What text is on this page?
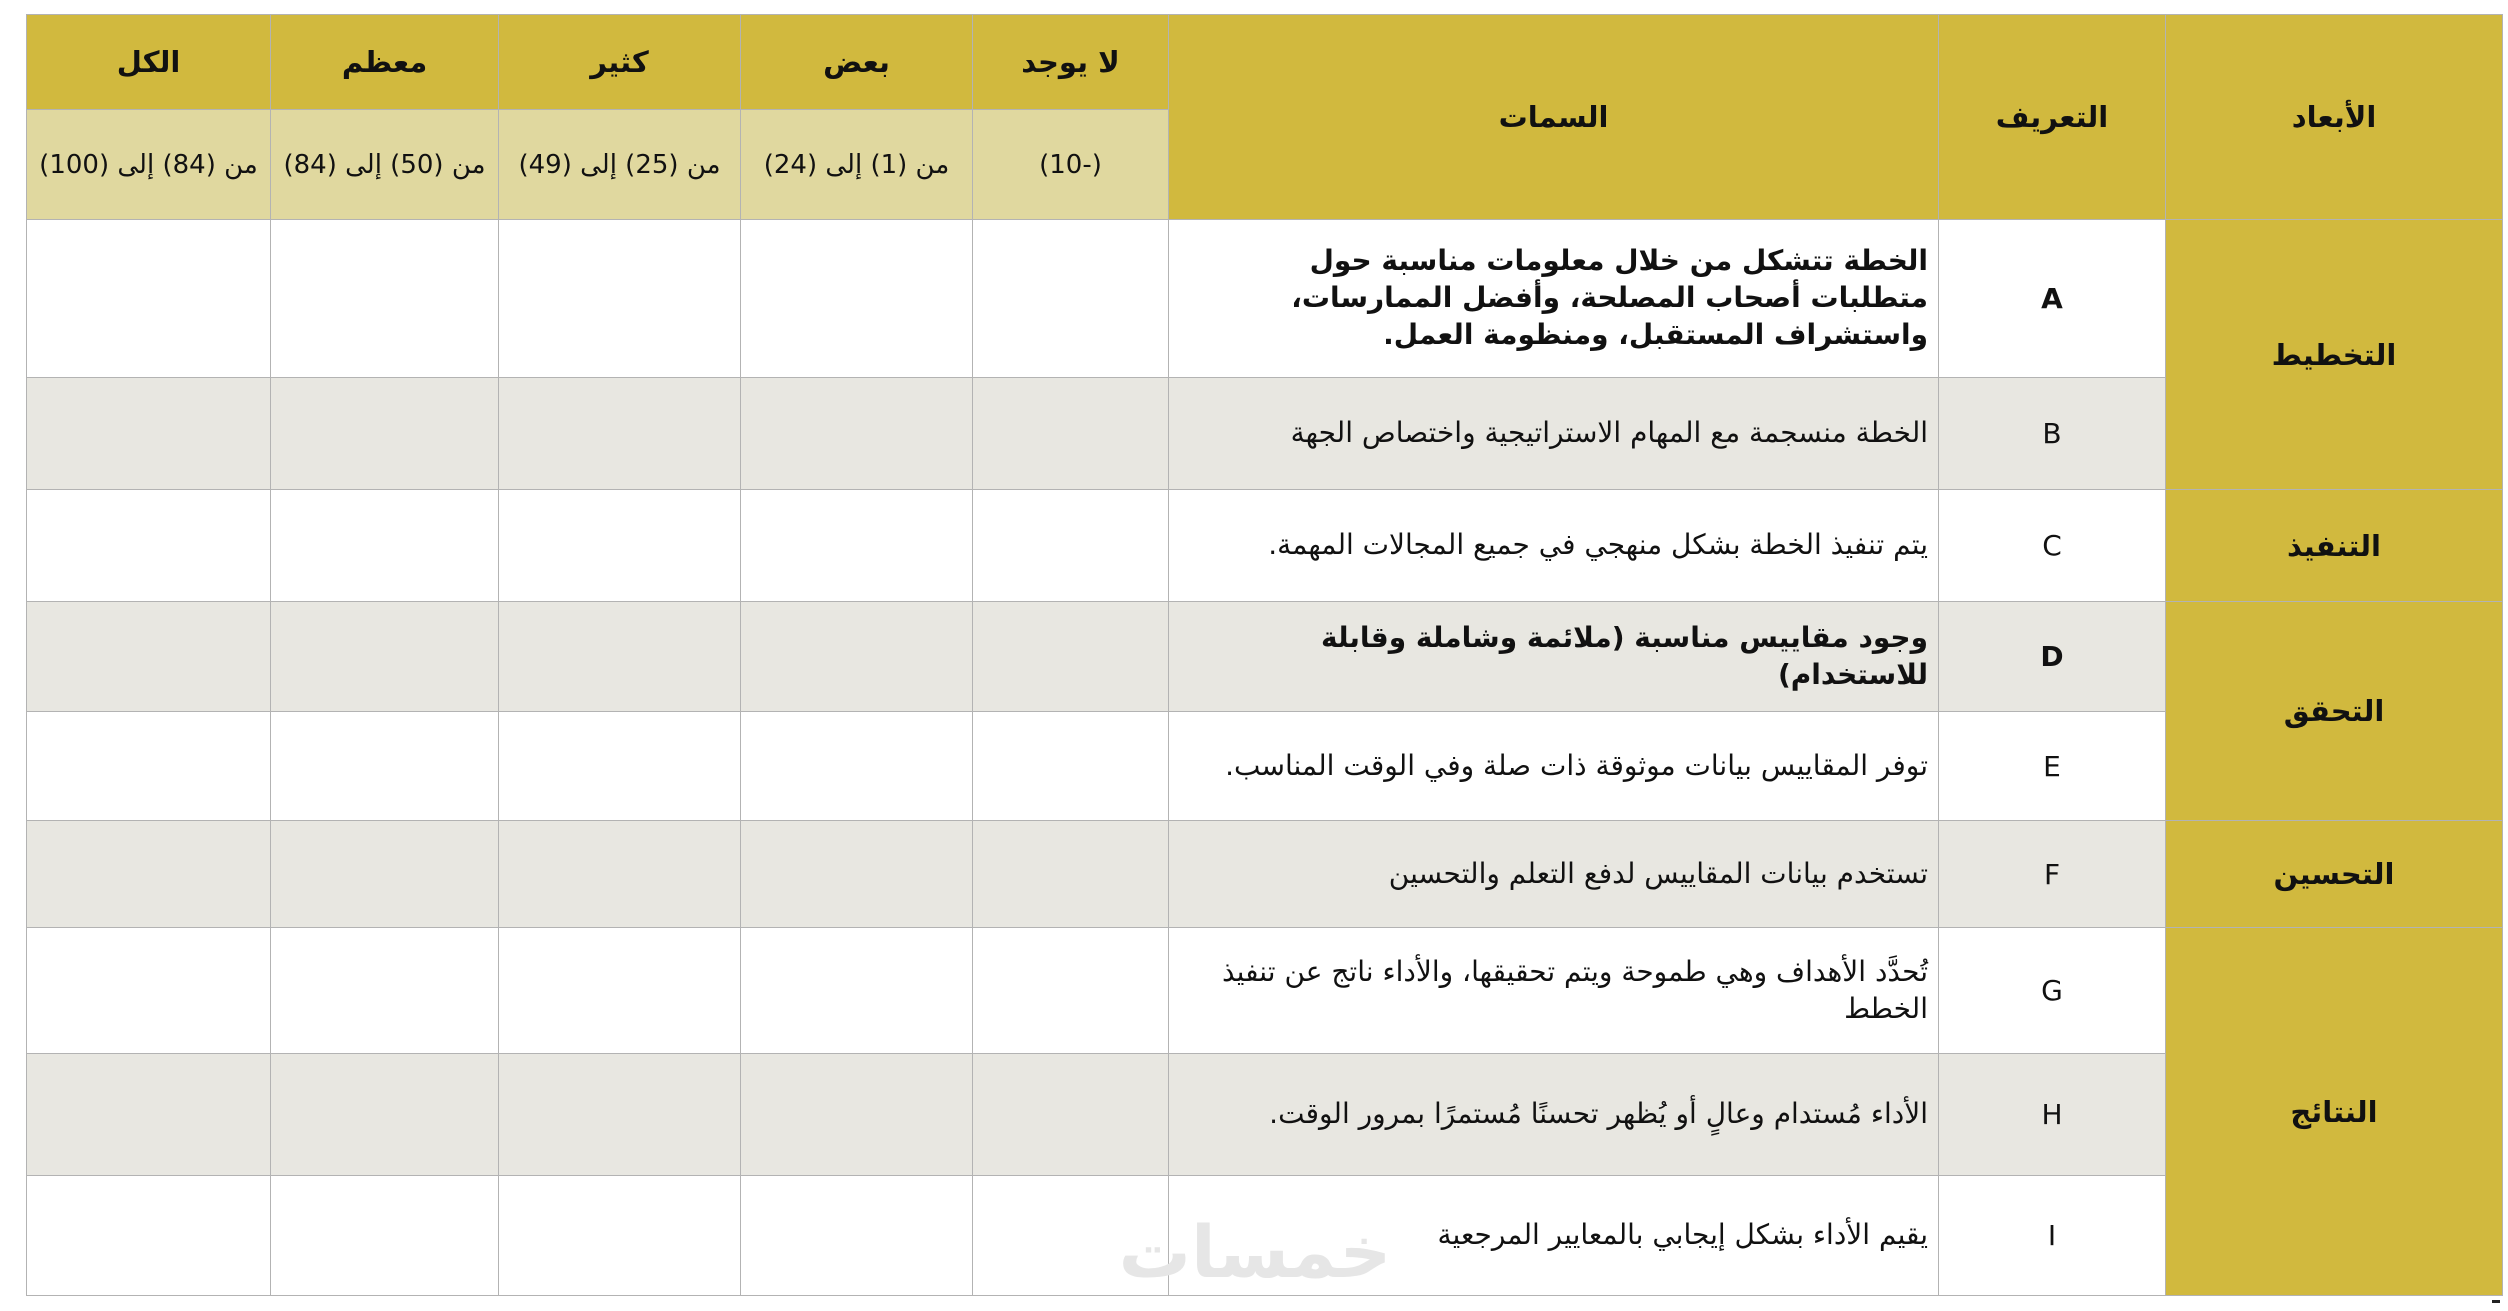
الأبعاد	التعريف	السمات	لا يوجد	بعض	كثير	معظم	الكل
			(-10)	من (1) إلى (24)	من (25) إلى (49)	من (50) إلى (84)	من (84) إلى (100)
التخطيط	A	الخطة تتشكل من خلال معلومات مناسبة حول متطلبات أصحاب المصلحة، وأفضل الممارسات، واستشراف المستقبل، ومنظومة العمل.					
	B	الخطة منسجمة مع المهام الاستراتيجية واختصاص الجهة					
التنفيذ	C	يتم تنفيذ الخطة بشكل منهجي في جميع المجالات المهمة.					
التحقق	D	وجود مقاييس مناسبة (ملائمة وشاملة وقابلة للاستخدام)					
	E	توفر المقاييس بيانات موثوقة ذات صلة وفي الوقت المناسب.					
التحسين	F	تستخدم بيانات المقاييس لدفع التعلم والتحسين					
النتائج	G	تُحدَّد الأهداف وهي طموحة ويتم تحقيقها، والأداء ناتج عن تنفيذ الخطط					
	H	الأداء مُستدام وعالٍ أو يُظهر تحسنًا مُستمرًا بمرور الوقت.					
	I	يقيم الأداء بشكل إيجابي بالمعايير المرجعية					
خمسات
